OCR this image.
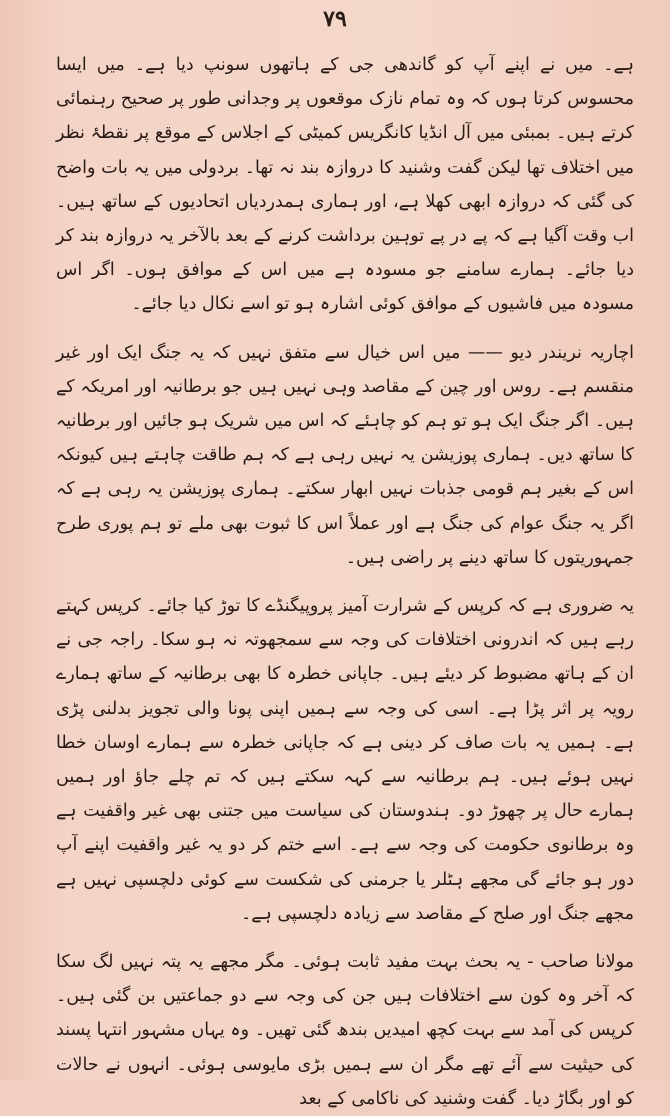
۷۹

ہے۔ میں نے اپنے آپ کو گاندھی جی کے ہاتھوں سونپ دیا ہے۔ میں ایسا محسوس کرتا ہوں کہ وہ تمام نازک موقعوں پر وجدانی طور پر صحیح رہنمائی کرتے ہیں۔ بمبئی میں آل انڈیا کانگریس کمیٹی کے اجلاس کے موقع پر نقطۂ نظر میں اختلاف تھا لیکن گفت وشنید کا دروازہ بند نہ تھا۔ بردولی میں یہ بات واضح کی گئی کہ دروازہ ابھی کھلا ہے، اور ہماری ہمدردیاں اتحادیوں کے ساتھ ہیں۔ اب وقت آگیا ہے کہ پے در پے توہین برداشت کرنے کے بعد بالآخر یہ دروازہ بند کر دیا جائے۔ ہمارے سامنے جو مسودہ ہے میں اس کے موافق ہوں۔ اگر اس مسودہ میں فاشیوں کے موافق کوئی اشارہ ہو تو اسے نکال دیا جائے۔

اچاریہ نریندر دیو —— میں اس خیال سے متفق نہیں کہ یہ جنگ ایک اور غیر منقسم ہے۔ روس اور چین کے مقاصد وہی نہیں ہیں جو برطانیہ اور امریکہ کے ہیں۔ اگر جنگ ایک ہو تو ہم کو چاہئے کہ اس میں شریک ہو جائیں اور برطانیہ کا ساتھ دیں۔ ہماری پوزیشن یہ نہیں رہی ہے کہ ہم طاقت چاہتے ہیں کیونکہ اس کے بغیر ہم قومی جذبات نہیں ابھار سکتے۔ ہماری پوزیشن یہ رہی ہے کہ اگر یہ جنگ عوام کی جنگ ہے اور عملاً اس کا ثبوت بھی ملے تو ہم پوری طرح جمہوریتوں کا ساتھ دینے پر راضی ہیں۔

یہ ضروری ہے کہ کرپس کے شرارت آمیز پروپیگنڈے کا توڑ کیا جائے۔ کرپس کہتے رہے ہیں کہ اندرونی اختلافات کی وجہ سے سمجھوتہ نہ ہو سکا۔ راجہ جی نے ان کے ہاتھ مضبوط کر دیئے ہیں۔ جاپانی خطرہ کا بھی برطانیہ کے ساتھ ہمارے رویہ پر اثر پڑا ہے۔ اسی کی وجہ سے ہمیں اپنی پونا والی تجویز بدلنی پڑی ہے۔ ہمیں یہ بات صاف کر دینی ہے کہ جاپانی خطرہ سے ہمارے اوسان خطا نہیں ہوئے ہیں۔ ہم برطانیہ سے کہہ سکتے ہیں کہ تم چلے جاؤ اور ہمیں ہمارے حال پر چھوڑ دو۔ ہندوستان کی سیاست میں جتنی بھی غیر واقفیت ہے وہ برطانوی حکومت کی وجہ سے ہے۔ اسے ختم کر دو یہ غیر واقفیت اپنے آپ دور ہو جائے گی مجھے ہٹلر یا جرمنی کی شکست سے کوئی دلچسپی نہیں ہے مجھے جنگ اور صلح کے مقاصد سے زیادہ دلچسپی ہے۔

مولانا صاحب - یہ بحث بہت مفید ثابت ہوئی۔ مگر مجھے یہ پتہ نہیں لگ سکا کہ آخر وہ کون سے اختلافات ہیں جن کی وجہ سے دو جماعتیں بن گئی ہیں۔ کرپس کی آمد سے بہت کچھ امیدیں بندھ گئی تھیں۔ وہ یہاں مشہور انتہا پسند کی حیثیت سے آئے تھے مگر ان سے ہمیں بڑی مایوسی ہوئی۔ انہوں نے حالات کو اور بگاڑ دیا۔ گفت وشنید کی ناکامی کے بعد
